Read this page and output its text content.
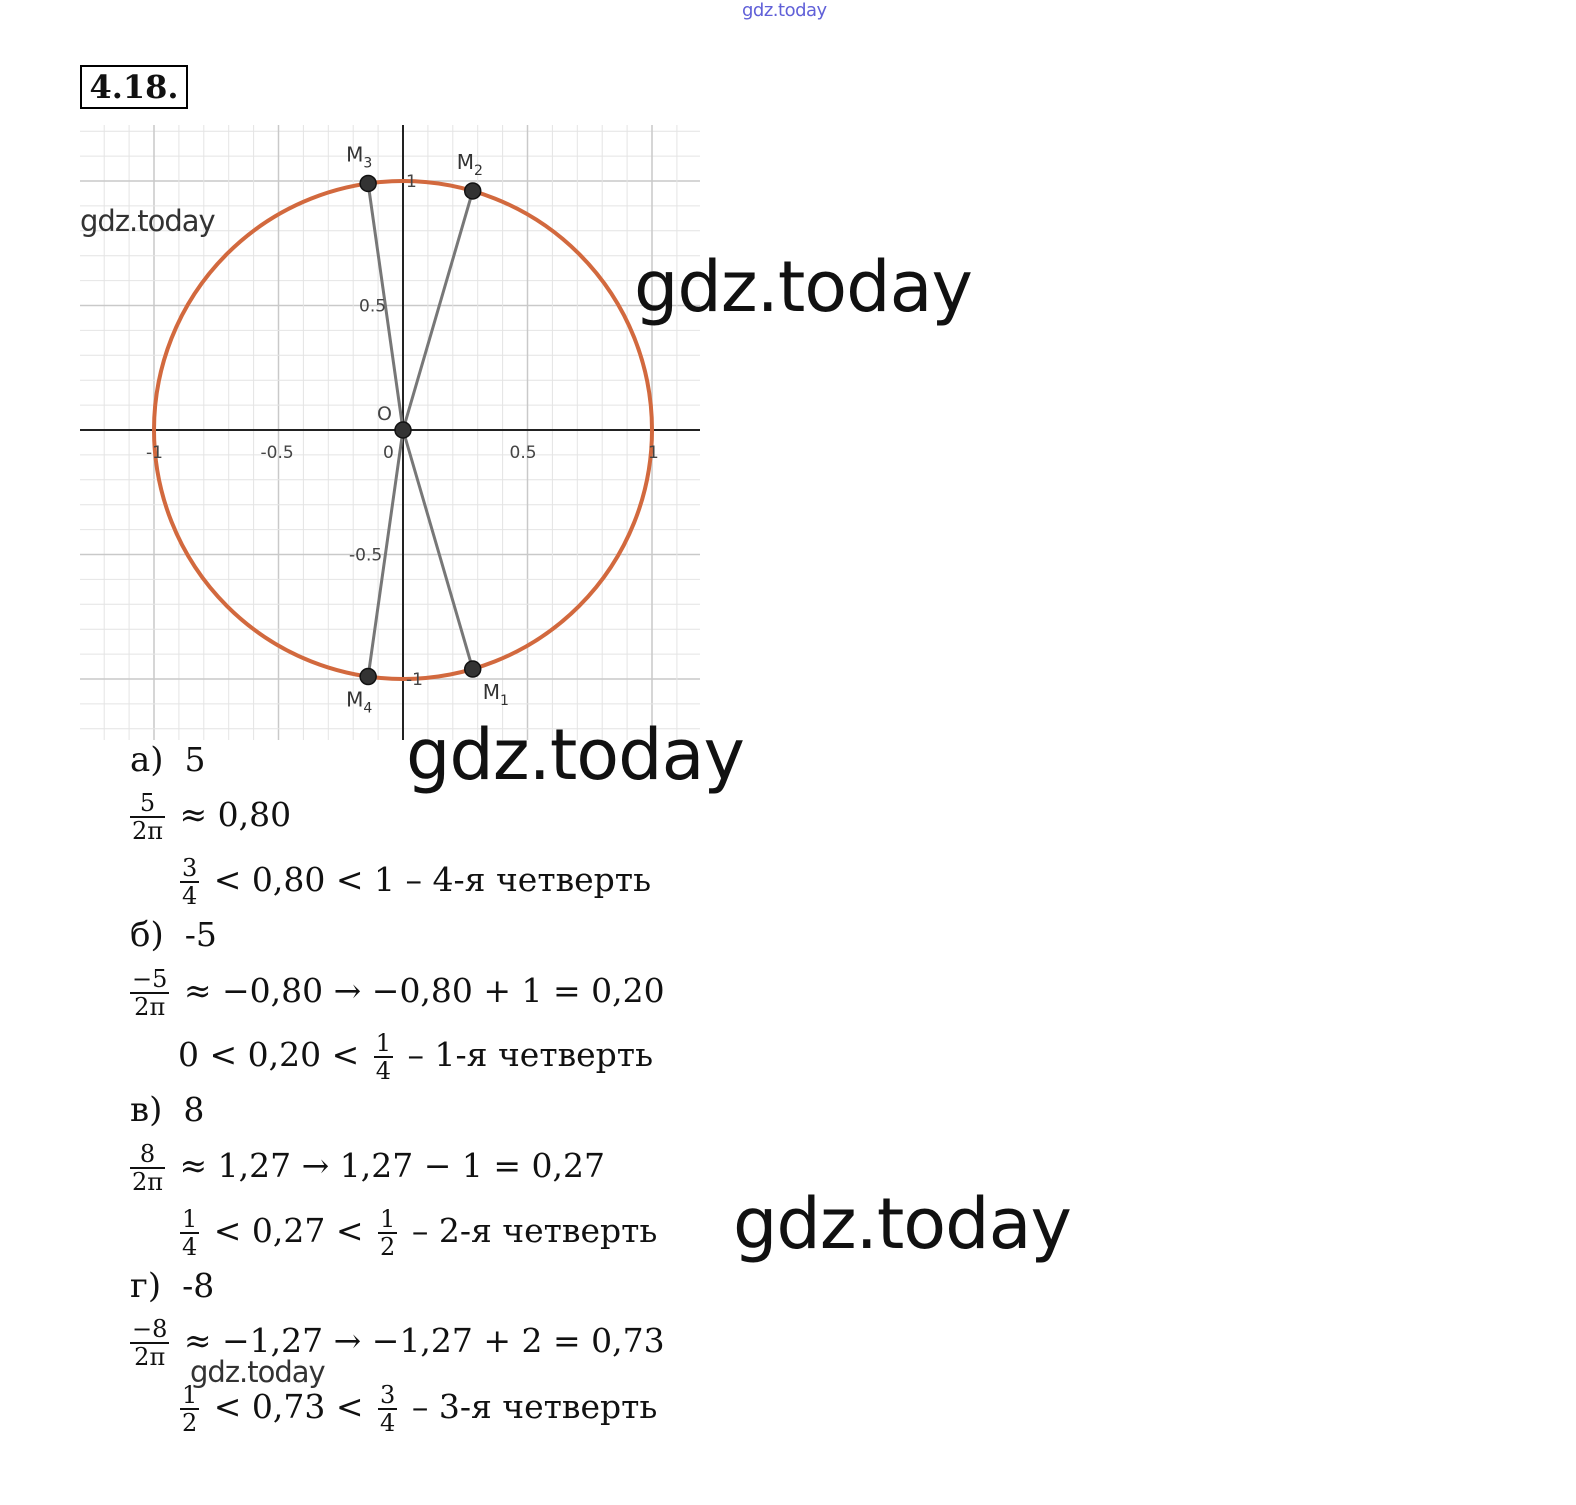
gdz.today
4.18.
-1	-0.5	0	0.5	1
1
0.5
-0.5
-1
O
$M_1$
$M_2$
$M_3$
$M_4$
gdz.today
gdz.today
gdz.today
gdz.today
а) 5
$\frac{5}{2\pi} \approx 0,80$
$\frac{3}{4} < 0,80 < 1 - 4-я$ четверть
б) -5
$\frac{-5}{2\pi} \approx -0,80 \to -0,80 + 1 = 0,20$
$0 < 0,20 < \frac{1}{4} - 1-я$ четверть
в) 8
$\frac{8}{2\pi} \approx 1,27 \to 1,27 - 1 = 0,27$
$\frac{1}{4} < 0,27 < \frac{1}{2} - 2-я$ четверть
г) -8
$\frac{-8}{2\pi} \approx -1,27 \to -1,27 + 2 = 0,73$
$\frac{1}{2} < 0,73 < \frac{3}{4} - 3-я$ четверть
gdz.today
